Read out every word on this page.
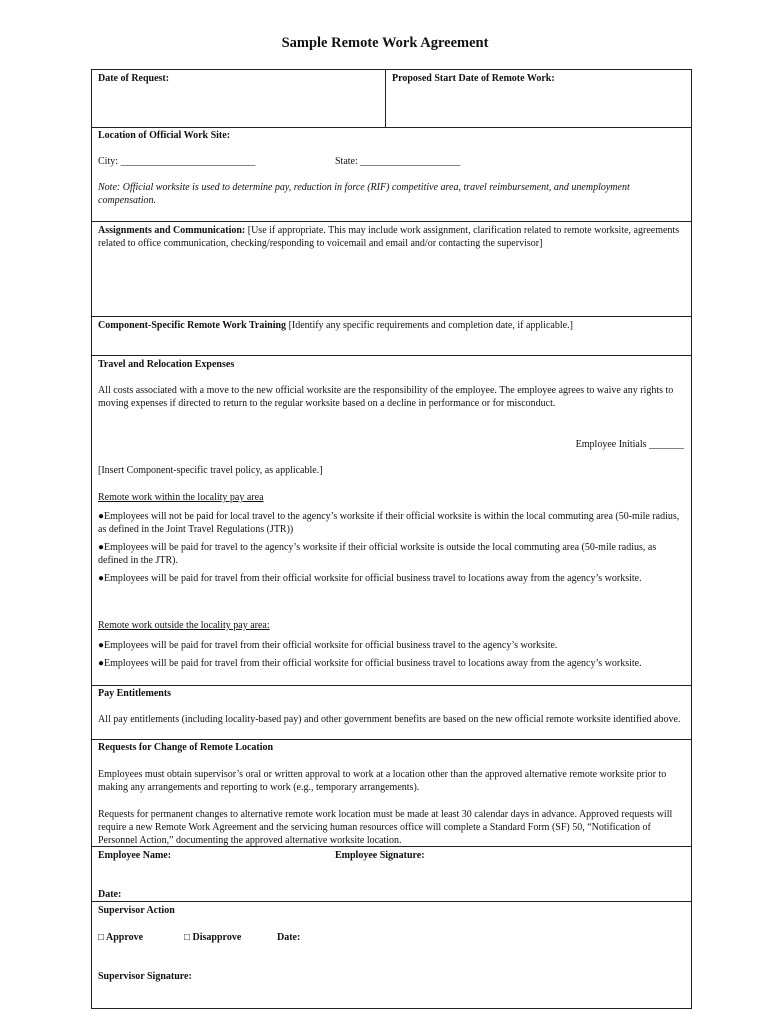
Sample Remote Work Agreement
Date of Request:	Proposed Start Date of Remote Work:
Location of Official Work Site:
City: ___________________________	State: ____________________
Note: Official worksite is used to determine pay, reduction in force (RIF) competitive area, travel reimbursement, and unemployment compensation.

Assignments and Communication: [Use if appropriate. This may include work assignment, clarification related to remote worksite, agreements related to office communication, checking/responding to voicemail and email and/or contacting the supervisor]

Component-Specific Remote Work Training [Identify any specific requirements and completion date, if applicable.]

Travel and Relocation Expenses
All costs associated with a move to the new official worksite are the responsibility of the employee. The employee agrees to waive any rights to moving expenses if directed to return to the regular worksite based on a decline in performance or for misconduct.
Employee Initials _______
[Insert Component-specific travel policy, as applicable.]
Remote work within the locality pay area
●Employees will not be paid for local travel to the agency’s worksite if their official worksite is within the local commuting area (50-mile radius, as defined in the Joint Travel Regulations (JTR))
●Employees will be paid for travel to the agency’s worksite if their official worksite is outside the local commuting area (50-mile radius, as defined in the JTR).
●Employees will be paid for travel from their official worksite for official business travel to locations away from the agency’s worksite.
Remote work outside the locality pay area:
●Employees will be paid for travel from their official worksite for official business travel to the agency’s worksite.
●Employees will be paid for travel from their official worksite for official business travel to locations away from the agency’s worksite.
Pay Entitlements
All pay entitlements (including locality-based pay) and other government benefits are based on the new official remote worksite identified above.
Requests for Change of Remote Location
Employees must obtain supervisor’s oral or written approval to work at a location other than the approved alternative remote worksite prior to making any arrangements and reporting to work (e.g., temporary arrangements).
Requests for permanent changes to alternative remote work location must be made at least 30 calendar days in advance. Approved requests will require a new Remote Work Agreement and the servicing human resources office will complete a Standard Form (SF) 50, “Notification of Personnel Action,” documenting the approved alternative worksite location.
Employee Name:	Employee Signature:
Date:
Supervisor Action
□ Approve	□ Disapprove	Date:
Supervisor Signature:
